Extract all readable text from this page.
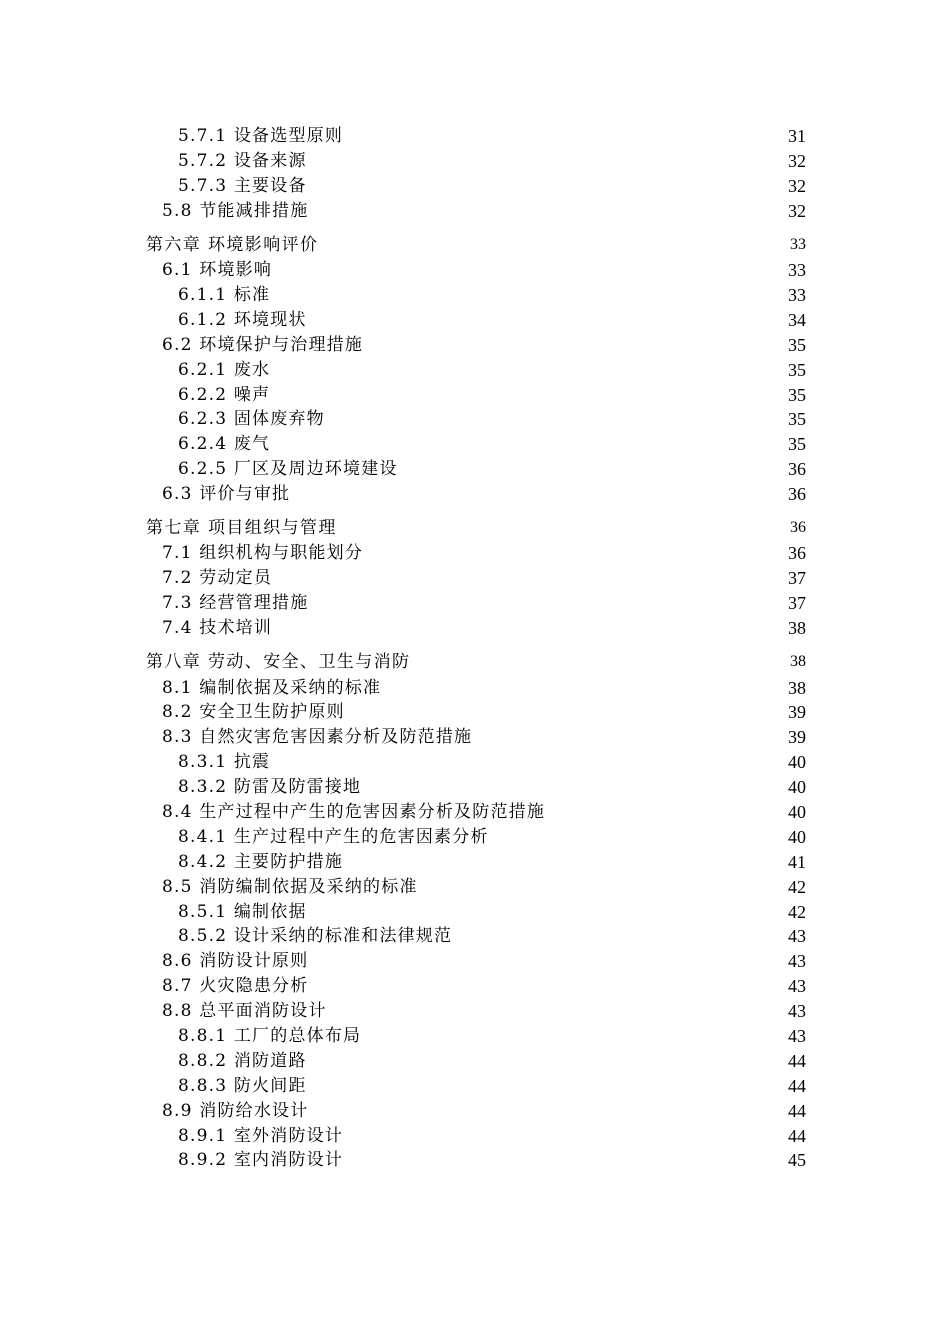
5.7.1 设备选型原则	31
5.7.2 设备来源	32
5.7.3 主要设备	32
5.8 节能减排措施	32
第六章 环境影响评价	33
6.1 环境影响	33
6.1.1 标准	33
6.1.2 环境现状	34
6.2 环境保护与治理措施	35
6.2.1 废水	35
6.2.2 噪声	35
6.2.3 固体废弃物	35
6.2.4 废气	35
6.2.5 厂区及周边环境建设	36
6.3 评价与审批	36
第七章 项目组织与管理	36
7.1 组织机构与职能划分	36
7.2 劳动定员	37
7.3 经营管理措施	37
7.4 技术培训	38
第八章 劳动、安全、卫生与消防	38
8.1 编制依据及采纳的标准	38
8.2 安全卫生防护原则	39
8.3 自然灾害危害因素分析及防范措施	39
8.3.1 抗震	40
8.3.2 防雷及防雷接地	40
8.4 生产过程中产生的危害因素分析及防范措施	40
8.4.1 生产过程中产生的危害因素分析	40
8.4.2 主要防护措施	41
8.5 消防编制依据及采纳的标准	42
8.5.1 编制依据	42
8.5.2 设计采纳的标准和法律规范	43
8.6 消防设计原则	43
8.7 火灾隐患分析	43
8.8 总平面消防设计	43
8.8.1 工厂的总体布局	43
8.8.2 消防道路	44
8.8.3 防火间距	44
8.9 消防给水设计	44
8.9.1 室外消防设计	44
8.9.2 室内消防设计	45
